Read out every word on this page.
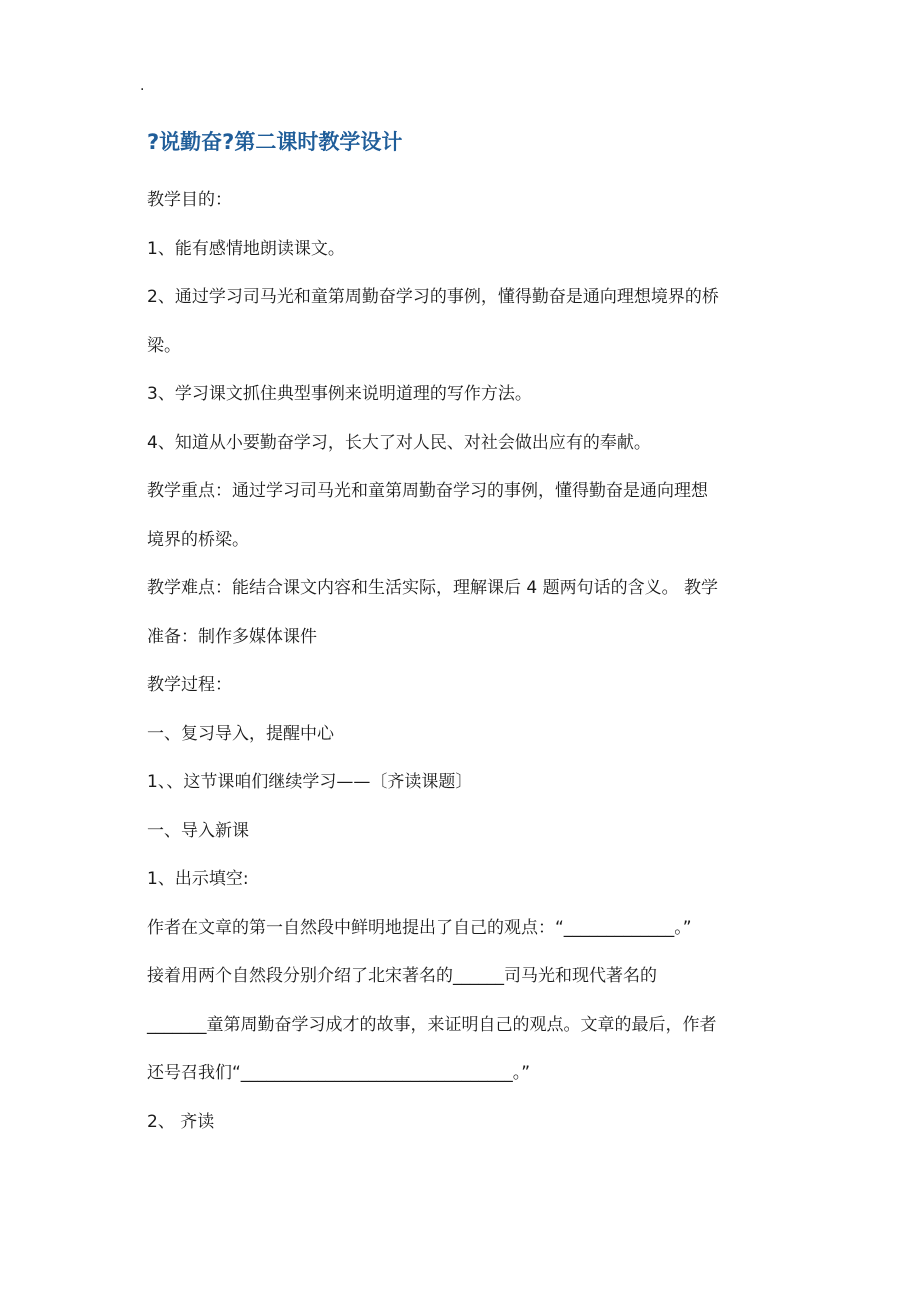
.
?说勤奋?第二课时教学设计
教学目的：
1、能有感情地朗读课文。
2、通过学习司马光和童第周勤奋学习的事例，懂得勤奋是通向理想境界的桥
梁。
3、学习课文抓住典型事例来说明道理的写作方法。
4、知道从小要勤奋学习，长大了对人民、对社会做出应有的奉献。
教学重点：通过学习司马光和童第周勤奋学习的事例，懂得勤奋是通向理想
境界的桥梁。
教学难点：能结合课文内容和生活实际，理解课后 4 题两句话的含义。 教学
准备：制作多媒体课件
教学过程：
一、复习导入，提醒中心
1、、这节课咱们继续学习——〔齐读课题〕
一、导入新课
1、出示填空:
作者在文章的第一自然段中鲜明地提出了自己的观点：“_____________。”
接着用两个自然段分别介绍了北宋著名的______司马光和现代著名的
_______童第周勤奋学习成才的故事，来证明自己的观点。文章的最后，作者
还号召我们“________________________________。”
2、 齐读
